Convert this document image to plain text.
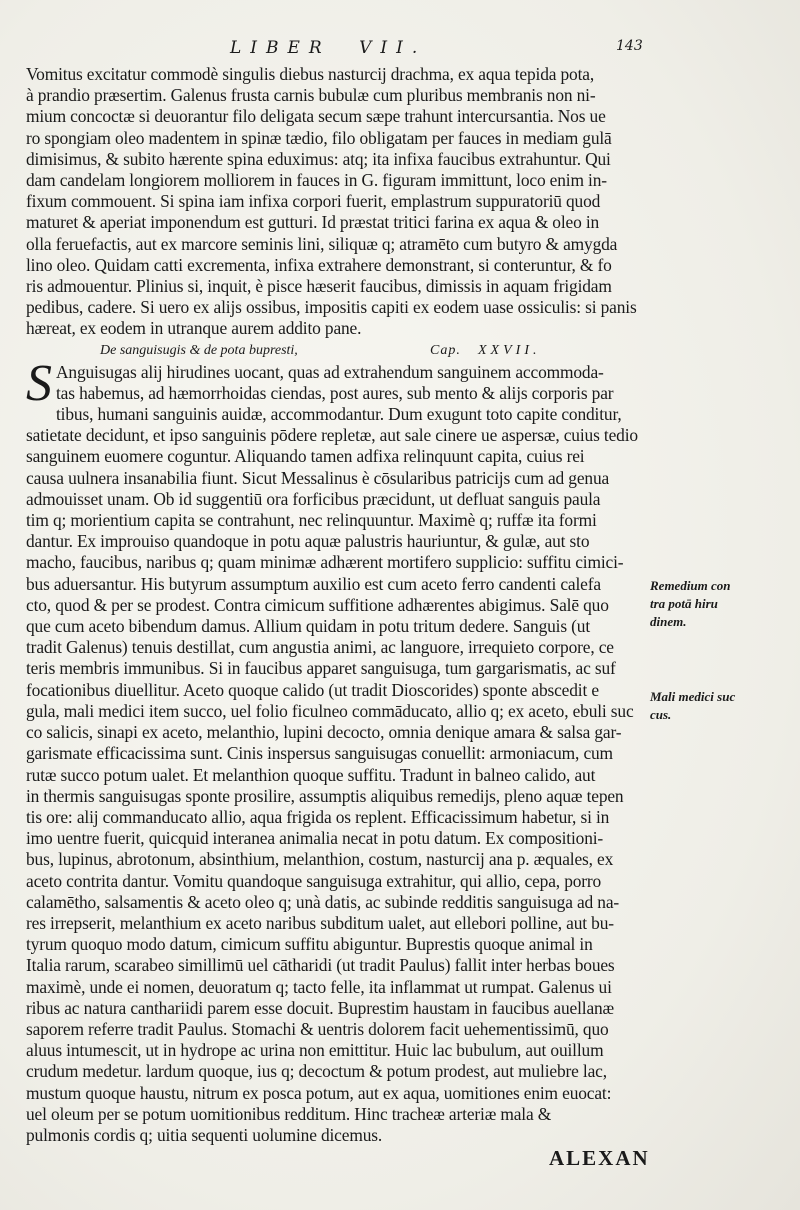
LIBER VII.	143
Vomitus excitatur commodè singulis diebus nasturcij drachma, ex aqua tepida pota,
à prandio præsertim. Galenus frusta carnis bubulæ cum pluribus membranis non ni-
mium concoctæ si deuorantur filo deligata secum sæpe trahunt intercursantia. Nos ue
ro spongiam oleo madentem in spinæ tædio, filo obligatam per fauces in mediam gulā
dimisimus, & subito hærente spina eduximus: atq; ita infixa faucibus extrahuntur. Qui
dam candelam longiorem molliorem in fauces in G. figuram immittunt, loco enim in-
fixum commouent. Si spina iam infixa corpori fuerit, emplastrum suppuratoriū quod
maturet & aperiat imponendum est gutturi. Id præstat tritici farina ex aqua & oleo in
olla feruefactis, aut ex marcore seminis lini, siliquæ q; atramēto cum butyro & amygda
lino oleo. Quidam catti excrementa, infixa extrahere demonstrant, si conteruntur, & fo
ris admouentur. Plinius si, inquit, è pisce hæserit faucibus, dimissis in aquam frigidam
pedibus, cadere. Si uero ex alijs ossibus, impositis capiti ex eodem uase ossiculis: si panis
hæreat, ex eodem in utranque aurem addito pane.
De sanguisugis & de pota bupresti,	Cap. XXVII.
S Anguisugas alij hirudines uocant, quas ad extrahendum sanguinem accommoda-
tas habemus, ad hæmorrhoidas ciendas, post aures, sub mento & alijs corporis par
tibus, humani sanguinis auidæ, accommodantur. Dum exugunt toto capite conditur,
satietate decidunt, et ipso sanguinis pōdere repletæ, aut sale cinere ue aspersæ, cuius tedio
sanguinem euomere coguntur. Aliquando tamen adfixa relinquunt capita, cuius rei
causa uulnera insanabilia fiunt. Sicut Messalinus è cōsularibus patricijs cum ad genua
admouisset unam. Ob id suggentiū ora forficibus præcidunt, ut defluat sanguis paula
tim q; morientium capita se contrahunt, nec relinquuntur. Maximè q; ruffæ ita formi
dantur. Ex improuiso quandoque in potu aquæ palustris hauriuntur, & gulæ, aut sto
macho, faucibus, naribus q; quam minimæ adhærent mortifero supplicio: suffitu cimici-
bus aduersantur. His butyrum assumptum auxilio est cum aceto ferro candenti calefa
cto, quod & per se prodest. Contra cimicum suffitione adhærentes abigimus. Salē quo
que cum aceto bibendum damus. Allium quidam in potu tritum dedere. Sanguis (ut
tradit Galenus) tenuis destillat, cum angustia animi, ac languore, irrequieto corpore, ce
teris membris immunibus. Si in faucibus apparet sanguisuga, tum gargarismatis, ac suf
focationibus diuellitur. Aceto quoque calido (ut tradit Dioscorides) sponte abscedit e
gula, mali medici item succo, uel folio ficulneo commāducato, allio q; ex aceto, ebuli suc
co salicis, sinapi ex aceto, melanthio, lupini decocto, omnia denique amara & salsa gar-
garismate efficacissima sunt. Cinis inspersus sanguisugas conuellit: armoniacum, cum
rutæ succo potum ualet. Et melanthion quoque suffitu. Tradunt in balneo calido, aut
in thermis sanguisugas sponte prosilire, assumptis aliquibus remedijs, pleno aquæ tepen
tis ore: alij commanducato allio, aqua frigida os replent. Efficacissimum habetur, si in
imo uentre fuerit, quicquid interanea animalia necat in potu datum. Ex compositioni-
bus, lupinus, abrotonum, absinthium, melanthion, costum, nasturcij ana p. æquales, ex
aceto contrita dantur. Vomitu quandoque sanguisuga extrahitur, qui allio, cepa, porro
calamētho, salsamentis & aceto oleo q; unà datis, ac subinde redditis sanguisuga ad na-
res irrepserit, melanthium ex aceto naribus subditum ualet, aut ellebori polline, aut bu-
tyrum quoquo modo datum, cimicum suffitu abiguntur. Buprestis quoque animal in
Italia rarum, scarabeo simillimū uel cātharidi (ut tradit Paulus) fallit inter herbas boues
maximè, unde ei nomen, deuoratum q; tacto felle, ita inflammat ut rumpat. Galenus ui
ribus ac natura canthariidi parem esse docuit. Buprestim haustam in faucibus auellanæ
saporem referre tradit Paulus. Stomachi & uentris dolorem facit uehementissimū, quo
aluus intumescit, ut in hydrope ac urina non emittitur. Huic lac bubulum, aut ouillum
crudum medetur. lardum quoque, ius q; decoctum & potum prodest, aut muliebre lac,
mustum quoque haustu, nitrum ex posca potum, aut ex aqua, uomitiones enim euocat:
uel oleum per se potum uomitionibus redditum. Hinc tracheæ arteriæ mala &
pulmonis cordis q; uitia sequenti uolumine dicemus.
Remedium con
tra potā hiru
dinem.
Mali medici suc
cus.
ALEXAN
